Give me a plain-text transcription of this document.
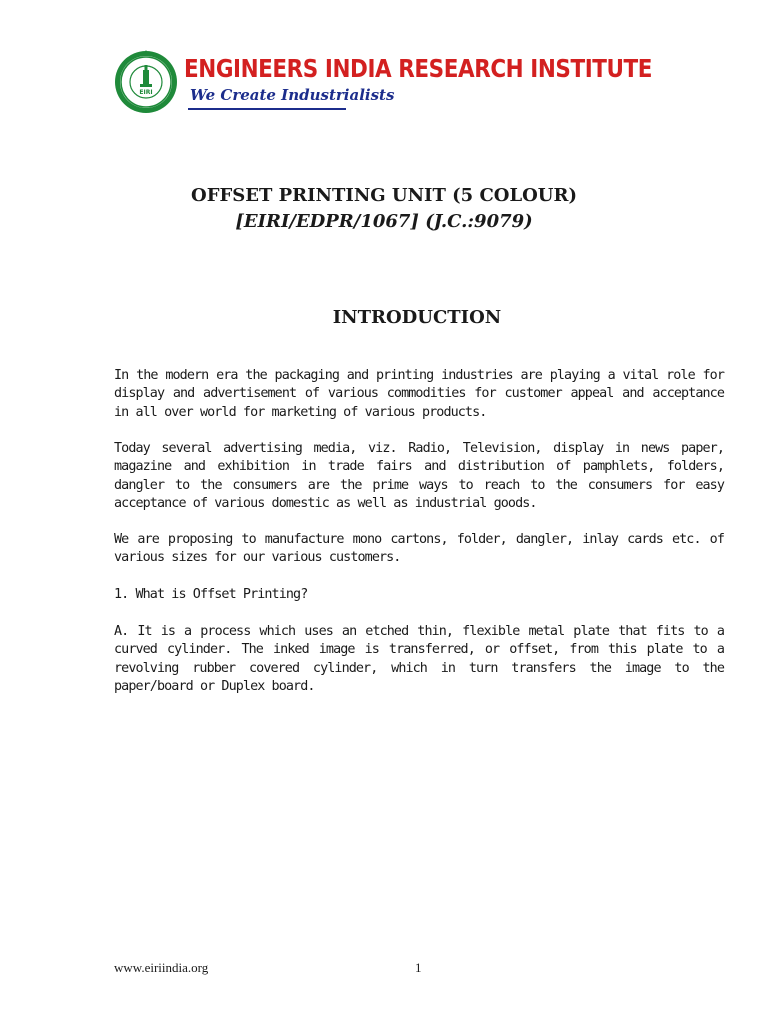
EIRI
ENGINEERS INDIA RESEARCH INSTITUTE
We Create Industrialists
OFFSET PRINTING UNIT (5 COLOUR)
[EIRI/EDPR/1067] (J.C.:9079)
INTRODUCTION

In the modern era the packaging and printing industries are playing a vital role for display and advertisement of various commodities for customer appeal and acceptance in all over world for marketing of various products.

Today several advertising media, viz. Radio, Television, display in news paper, magazine and exhibition in trade fairs and distribution of pamphlets, folders, dangler to the consumers are the prime ways to reach to the consumers for easy acceptance of various domestic as well as industrial goods.

We are proposing to manufacture mono cartons, folder, dangler, inlay cards etc. of various sizes for our various customers.

1. What is Offset Printing?

A. It is a process which uses an etched thin, flexible metal plate that fits to a curved cylinder. The inked image is transferred, or offset, from this plate to a revolving rubber covered cylinder, which in turn transfers the image to the paper/board or Duplex board.

www.eiriindia.org	1
